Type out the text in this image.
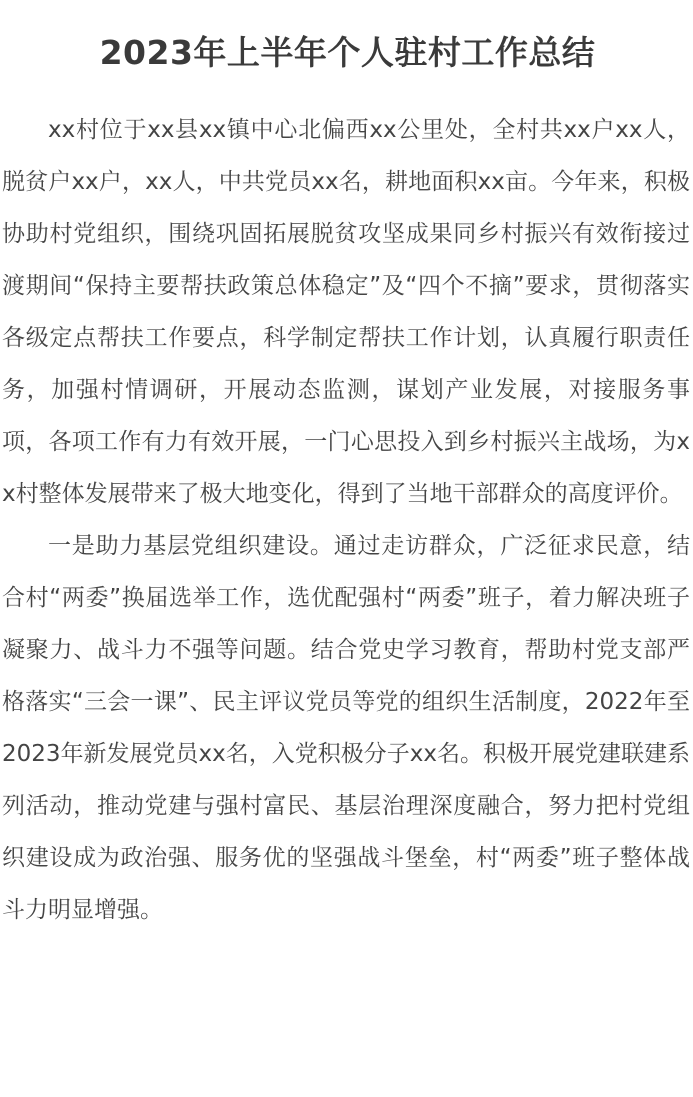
2023年上半年个人驻村工作总结

xx村位于xx县xx镇中心北偏西xx公里处，全村共xx户xx人，脱贫户xx户，xx人，中共党员xx名，耕地面积xx亩。今年来，积极协助村党组织，围绕巩固拓展脱贫攻坚成果同乡村振兴有效衔接过渡期间“保持主要帮扶政策总体稳定”及“四个不摘”要求，贯彻落实各级定点帮扶工作要点，科学制定帮扶工作计划，认真履行职责任务，加强村情调研，开展动态监测，谋划产业发展，对接服务事项，各项工作有力有效开展，一门心思投入到乡村振兴主战场，为xx村整体发展带来了极大地变化，得到了当地干部群众的高度评价。

一是助力基层党组织建设。通过走访群众，广泛征求民意，结合村“两委”换届选举工作，选优配强村“两委”班子，着力解决班子凝聚力、战斗力不强等问题。结合党史学习教育，帮助村党支部严格落实“三会一课”、民主评议党员等党的组织生活制度，2022年至2023年新发展党员xx名，入党积极分子xx名。积极开展党建联建系列活动，推动党建与强村富民、基层治理深度融合，努力把村党组织建设成为政治强、服务优的坚强战斗堡垒，村“两委”班子整体战斗力明显增强。
